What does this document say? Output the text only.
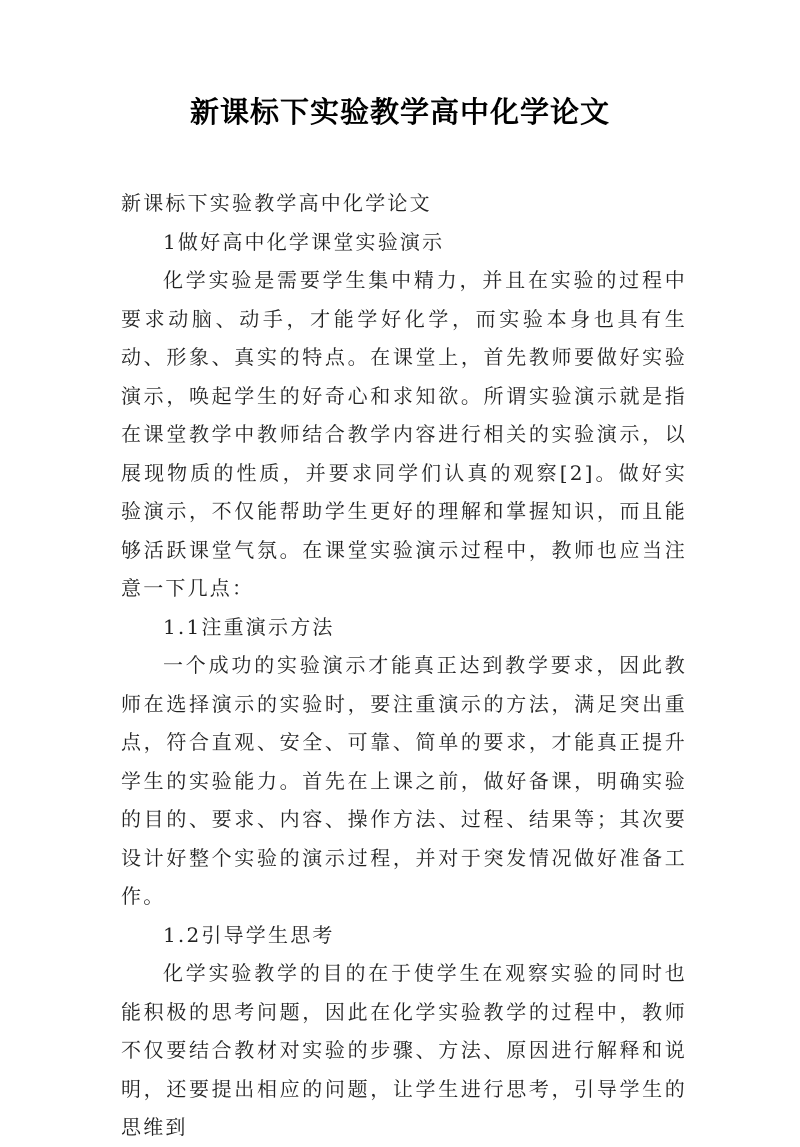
新课标下实验教学高中化学论文

新课标下实验教学高中化学论文

1做好高中化学课堂实验演示

化学实验是需要学生集中精力，并且在实验的过程中要求动脑、动手，才能学好化学，而实验本身也具有生动、形象、真实的特点。在课堂上，首先教师要做好实验演示，唤起学生的好奇心和求知欲。所谓实验演示就是指在课堂教学中教师结合教学内容进行相关的实验演示，以展现物质的性质，并要求同学们认真的观察[2]。做好实验演示，不仅能帮助学生更好的理解和掌握知识，而且能够活跃课堂气氛。在课堂实验演示过程中，教师也应当注意一下几点：

1.1注重演示方法

一个成功的实验演示才能真正达到教学要求，因此教师在选择演示的实验时，要注重演示的方法，满足突出重点，符合直观、安全、可靠、简单的要求，才能真正提升学生的实验能力。首先在上课之前，做好备课，明确实验的目的、要求、内容、操作方法、过程、结果等；其次要设计好整个实验的演示过程，并对于突发情况做好准备工作。

1.2引导学生思考

化学实验教学的目的在于使学生在观察实验的同时也能积极的思考问题，因此在化学实验教学的过程中，教师不仅要结合教材对实验的步骤、方法、原因进行解释和说明，还要提出相应的问题，让学生进行思考，引导学生的思维到
